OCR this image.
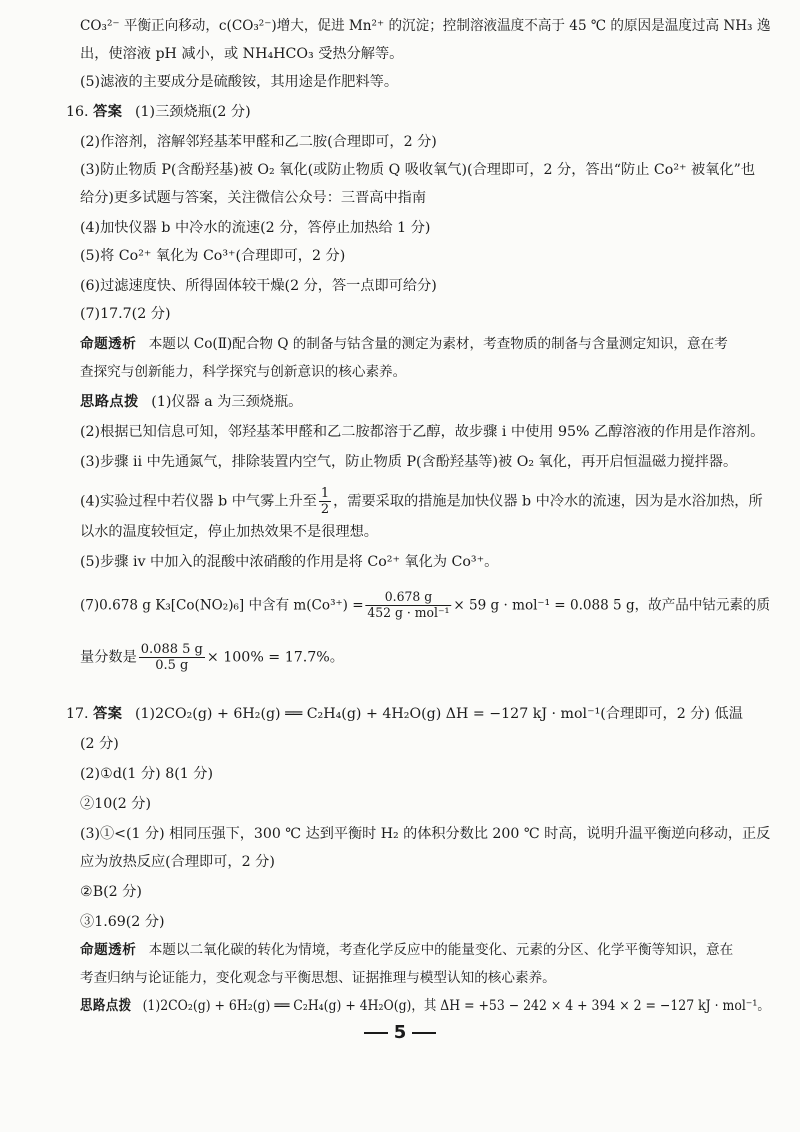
CO₃²⁻ 平衡正向移动，c(CO₃²⁻)增大，促进 Mn²⁺ 的沉淀；控制溶液温度不高于 45 ℃ 的原因是温度过高 NH₃ 逸
出，使溶液 pH 减小，或 NH₄HCO₃ 受热分解等。
(5)滤液的主要成分是硫酸铵，其用途是作肥料等。
16. 答案 (1)三颈烧瓶(2 分)
(2)作溶剂，溶解邻羟基苯甲醛和乙二胺(合理即可，2 分)
(3)防止物质 P(含酚羟基)被 O₂ 氧化(或防止物质 Q 吸收氧气)(合理即可，2 分，答出“防止 Co²⁺ 被氧化”也
给分)更多试题与答案，关注微信公众号：三晋高中指南
(4)加快仪器 b 中冷水的流速(2 分，答停止加热给 1 分)
(5)将 Co²⁺ 氧化为 Co³⁺(合理即可，2 分)
(6)过滤速度快、所得固体较干燥(2 分，答一点即可给分)
(7)17.7(2 分)
命题透析 本题以 Co(Ⅱ)配合物 Q 的制备与钴含量的测定为素材，考查物质的制备与含量测定知识，意在考
查探究与创新能力，科学探究与创新意识的核心素养。
思路点拨 (1)仪器 a 为三颈烧瓶。
(2)根据已知信息可知，邻羟基苯甲醛和乙二胺都溶于乙醇，故步骤 ⅰ 中使用 95% 乙醇溶液的作用是作溶剂。
(3)步骤 ⅱ 中先通氮气，排除装置内空气，防止物质 P(含酚羟基等)被 O₂ 氧化，再开启恒温磁力搅拌器。
(4)实验过程中若仪器 b 中气雾上升至 $\frac{1}{2}$ ，需要采取的措施是加快仪器 b 中冷水的流速，因为是水浴加热，所
以水的温度较恒定，停止加热效果不是很理想。
(5)步骤 ⅳ 中加入的混酸中浓硝酸的作用是将 Co²⁺ 氧化为 Co³⁺。
(7)0.678 g K₃[Co(NO₂)₆] 中含有 $m(Co^{3+}) = \frac{0.678 g}{\text{452 g · mol⁻¹}} \times 59$ g · mol⁻¹ = 0.088 5 g，故产品中钴元素的质
量分数是 $\frac{0.088 5 g}{0.5 g} \times 100\% = 17.7\%$。
17. 答案 (1)2CO₂(g) + 6H₂(g) ══ C₂H₄(g) + 4H₂O(g) ΔH = −127 kJ · mol⁻¹(合理即可，2 分) 低温
(2 分)
(2)①d(1 分) 8(1 分)
②10(2 分)
(3)①<(1 分) 相同压强下，300 ℃ 达到平衡时 H₂ 的体积分数比 200 ℃ 时高，说明升温平衡逆向移动，正反
应为放热反应(合理即可，2 分)
②B(2 分)
③1.69(2 分)
命题透析 本题以二氧化碳的转化为情境，考查化学反应中的能量变化、元素的分区、化学平衡等知识，意在
考查归纳与论证能力，变化观念与平衡思想、证据推理与模型认知的核心素养。
思路点拨 (1)2CO₂(g) + 6H₂(g) ══ C₂H₄(g) + 4H₂O(g)，其 ΔH = +53 − 242 × 4 + 394 × 2 = −127 kJ · mol⁻¹。
5
